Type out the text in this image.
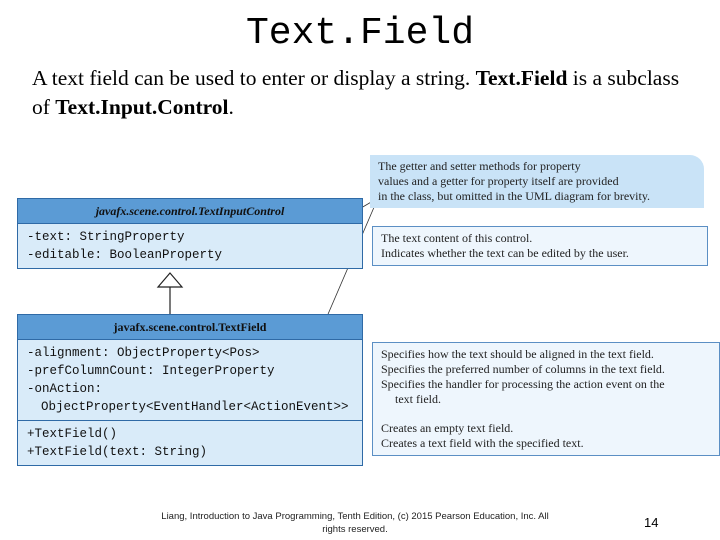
Text.Field
A text field can be used to enter or display a string. Text.Field is a subclass of Text.Input.Control.
javafx.scene.control.TextInputControl
-text: StringProperty
-editable: BooleanProperty
javafx.scene.control.TextField
-alignment: ObjectProperty<Pos>
-prefColumnCount: IntegerProperty
-onAction:
ObjectProperty<EventHandler<ActionEvent>>
+TextField()
+TextField(text: String)
The getter and setter methods for property
values and a getter for property itself are provided
in the class, but omitted in the UML diagram for brevity.
The text content of this control.
Indicates whether the text can be edited by the user.
Specifies how the text should be aligned in the text field.
Specifies the preferred number of columns in the text field.
Specifies the handler for processing the action event on the
text field.
Creates an empty text field.
Creates a text field with the specified text.
Liang, Introduction to Java Programming, Tenth Edition, (c) 2015 Pearson Education, Inc. All
rights reserved.	14
